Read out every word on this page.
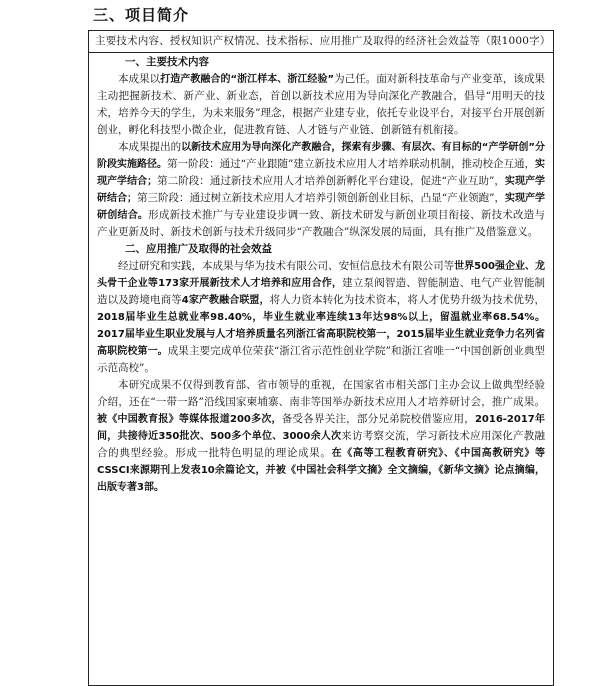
三、项目简介
主要技术内容、授权知识产权情况、技术指标、应用推广及取得的经济社会效益等（限1000字）
一、主要技术内容

本成果以打造产教融合的“浙江样本、浙江经验”为己任。面对新科技革命与产业变革，该成果主动把握新技术、新产业、新业态，首创以新技术应用为导向深化产教融合，倡导“用明天的技术，培养今天的学生，为未来服务”理念，根据产业建专业，依托专业设平台，对接平台开展创新创业，孵化科技型小微企业，促进教育链、人才链与产业链、创新链有机衔接。

本成果提出的以新技术应用为导向深化产教融合，探索有步骤、有层次、有目标的“产学研创”分阶段实施路径。第一阶段：通过“产业跟随”建立新技术应用人才培养联动机制，推动校企互通，实现产学结合；第二阶段：通过新技术应用人才培养创新孵化平台建设，促进“产业互助”，实现产学研结合；第三阶段：通过树立新技术应用人才培养引领创新创业目标，凸显“产业领跑”，实现产学研创结合。形成新技术推广与专业建设步调一致、新技术研发与新创业项目衔接、新技术改造与产业更新及时、新技术创新与技术升级同步“产教融合”纵深发展的局面，具有推广及借鉴意义。

二、应用推广及取得的社会效益

经过研究和实践，本成果与华为技术有限公司、安恒信息技术有限公司等世界500强企业、龙头骨干企业等173家开展新技术人才培养和应用合作，建立泵阀智造、智能制造、电气产业智能制造以及跨境电商等4家产教融合联盟，将人力资本转化为技术资本，将人才优势升级为技术优势，2018届毕业生总就业率98.40%，毕业生就业率连续13年达98%以上，留温就业率68.54%。2017届毕业生职业发展与人才培养质量名列浙江省高职院校第一，2015届毕业生就业竞争力名列省高职院校第一。成果主要完成单位荣获“浙江省示范性创业学院”和浙江省唯一“中国创新创业典型示范高校”。

本研究成果不仅得到教育部、省市领导的重视，在国家省市相关部门主办会议上做典型经验介绍，还在“一带一路”沿线国家柬埔寨、南非等国举办新技术应用人才培养研讨会，推广成果。被《中国教育报》等媒体报道200多次，备受各界关注，部分兄弟院校借鉴应用，2016-2017年间，共接待近350批次、500多个单位、3000余人次来访考察交流，学习新技术应用深化产教融合的典型经验。形成一批特色明显的理论成果。在《高等工程教育研究》、《中国高教研究》等CSSCI来源期刊上发表10余篇论文，并被《中国社会科学文摘》全文摘编，《新华文摘》论点摘编，出版专著3部。
